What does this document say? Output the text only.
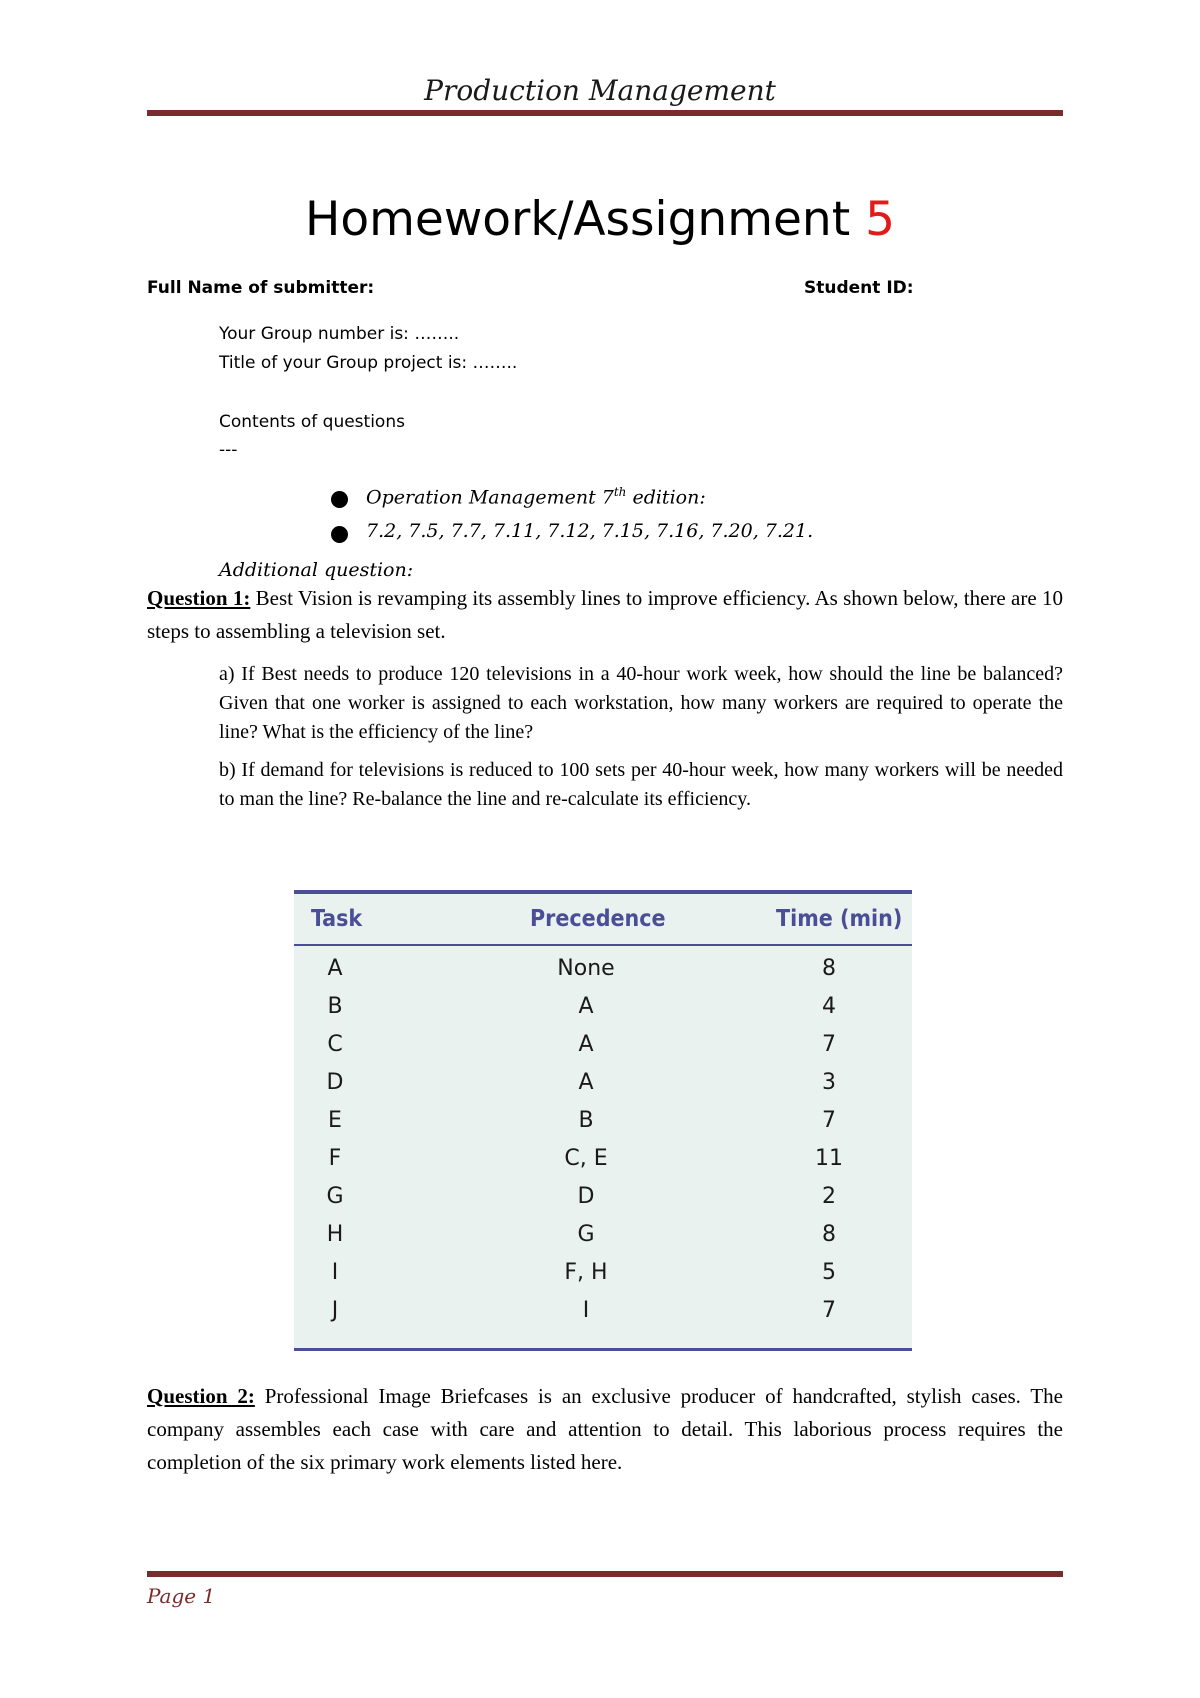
Production Management
Homework/Assignment 5
Full Name of submitter:	Student ID:
Your Group number is: ……..
Title of your Group project is: ……..
Contents of questions
---
Operation Management 7th edition:
7.2, 7.5, 7.7, 7.11, 7.12, 7.15, 7.16, 7.20, 7.21.
Additional question:
Question 1: Best Vision is revamping its assembly lines to improve efficiency. As shown below, there are 10 steps to assembling a television set.
a) If Best needs to produce 120 televisions in a 40-hour work week, how should the line be balanced? Given that one worker is assigned to each workstation, how many workers are required to operate the line? What is the efficiency of the line?
b) If demand for televisions is reduced to 100 sets per 40-hour week, how many workers will be needed to man the line? Re-balance the line and re-calculate its efficiency.
Task	Precedence	Time (min)
A	None	8
B	A	4
C	A	7
D	A	3
E	B	7
F	C, E	11
G	D	2
H	G	8
I	F, H	5
J	I	7
Question 2: Professional Image Briefcases is an exclusive producer of handcrafted, stylish cases. The company assembles each case with care and attention to detail. This laborious process requires the completion of the six primary work elements listed here.
Page 1
